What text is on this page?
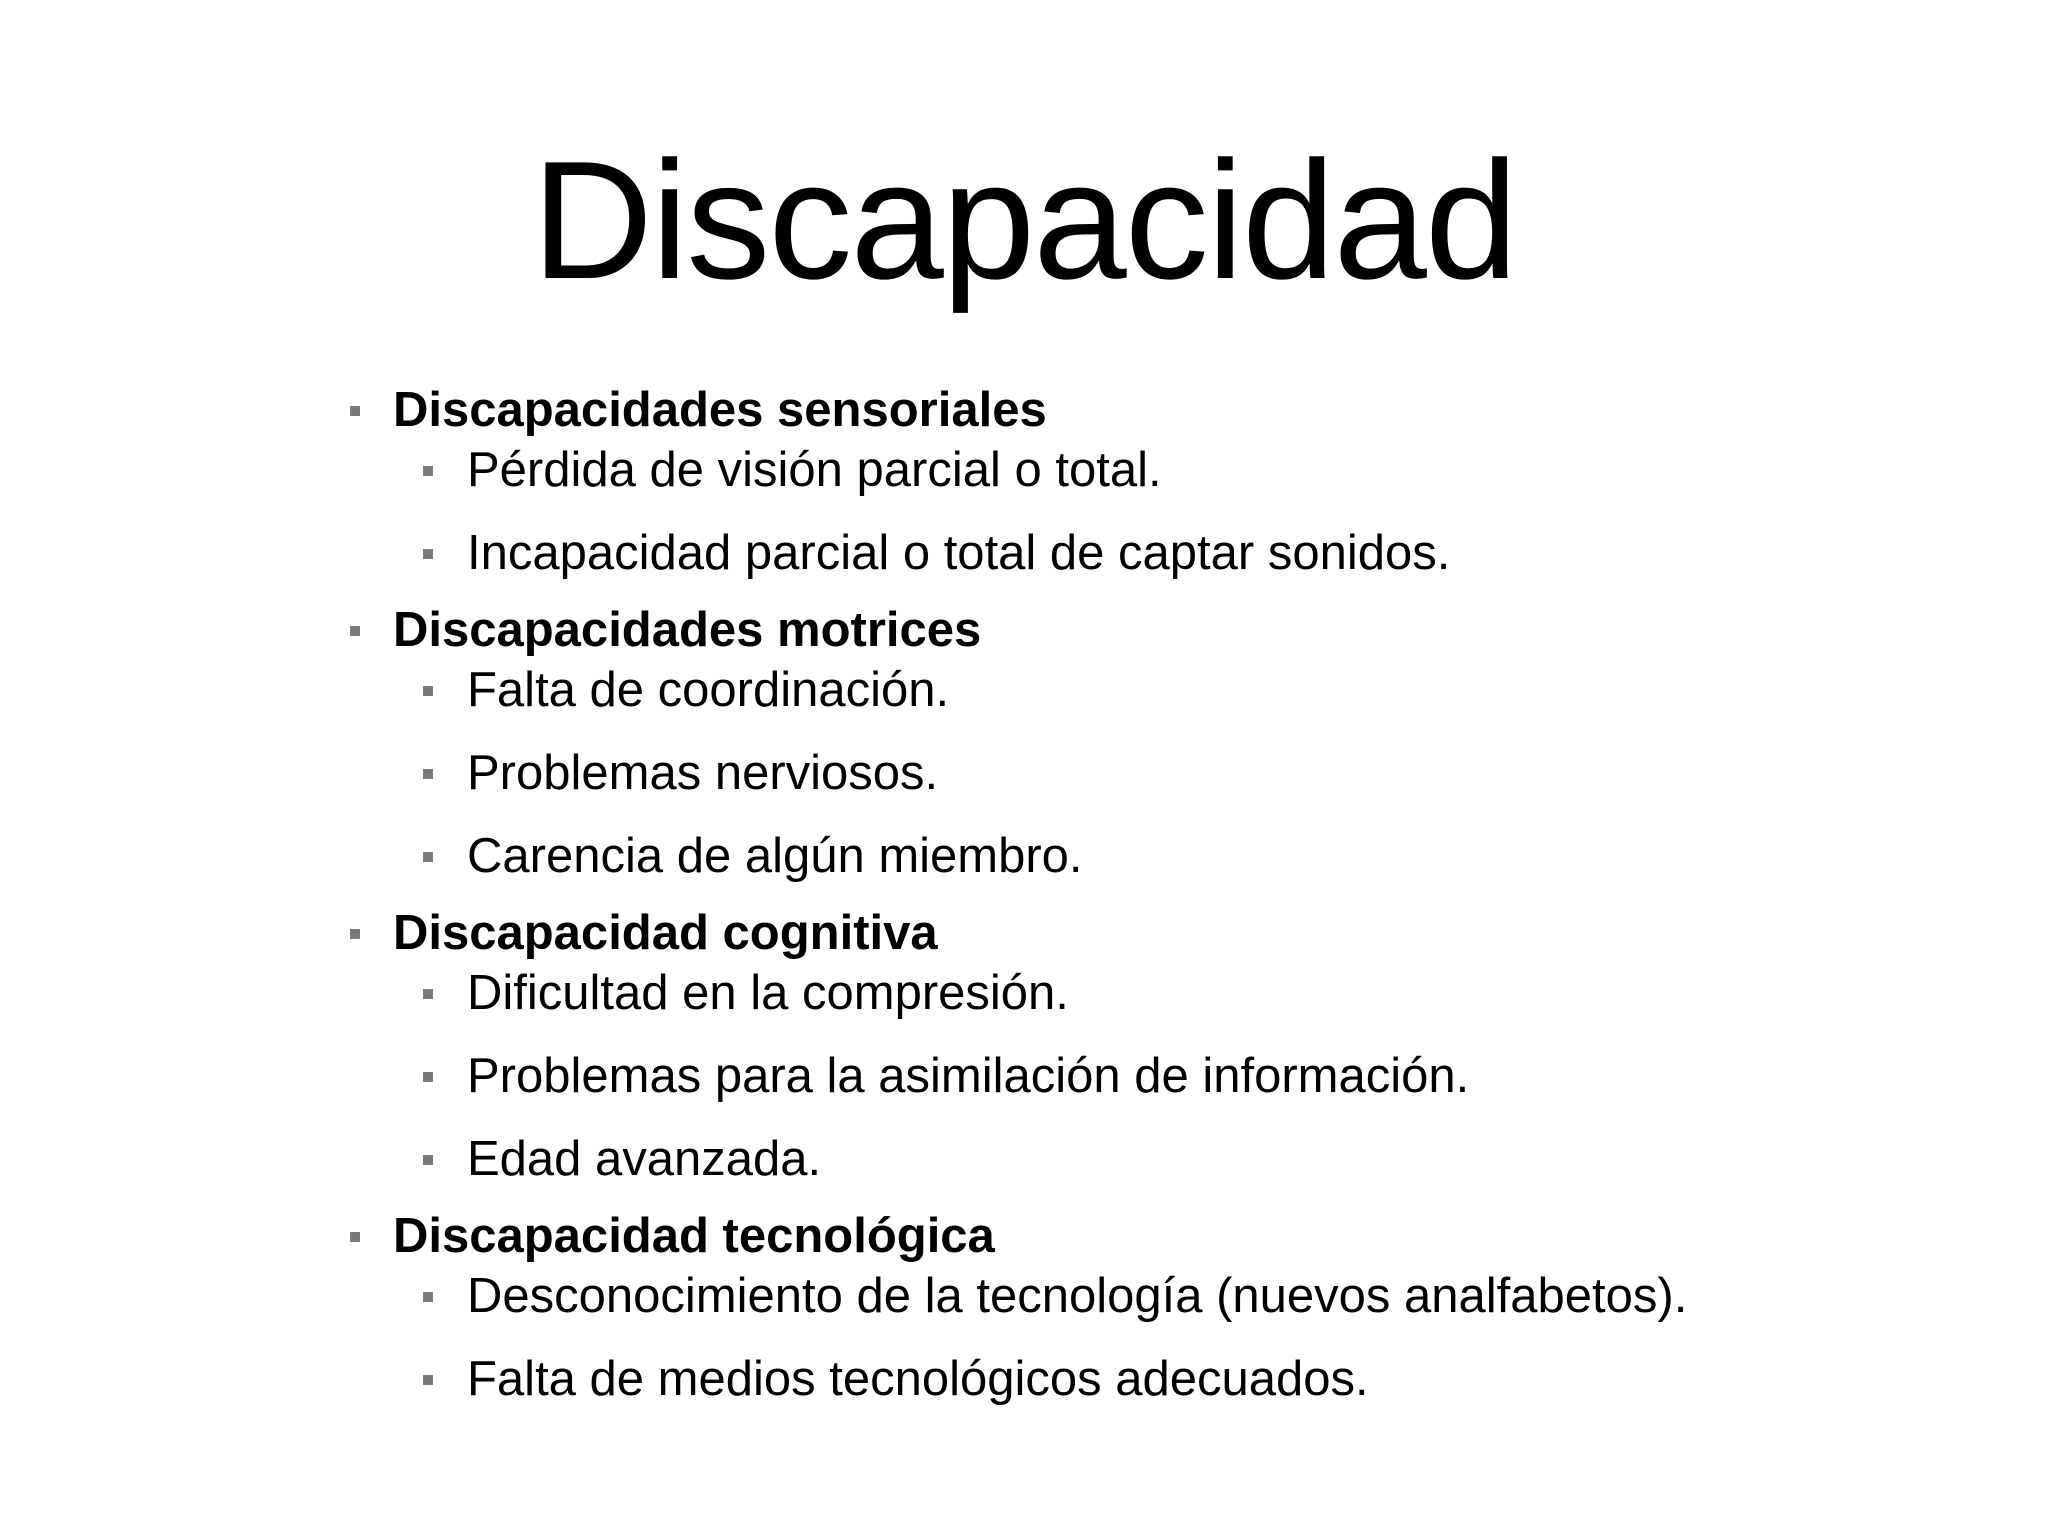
Discapacidad
Discapacidades sensoriales
Pérdida de visión parcial o total.
Incapacidad parcial o total de captar sonidos.
Discapacidades motrices
Falta de coordinación.
Problemas nerviosos.
Carencia de algún miembro.
Discapacidad cognitiva
Dificultad en la compresión.
Problemas para la asimilación de información.
Edad avanzada.
Discapacidad tecnológica
Desconocimiento de la tecnología (nuevos analfabetos).
Falta de medios tecnológicos adecuados.
